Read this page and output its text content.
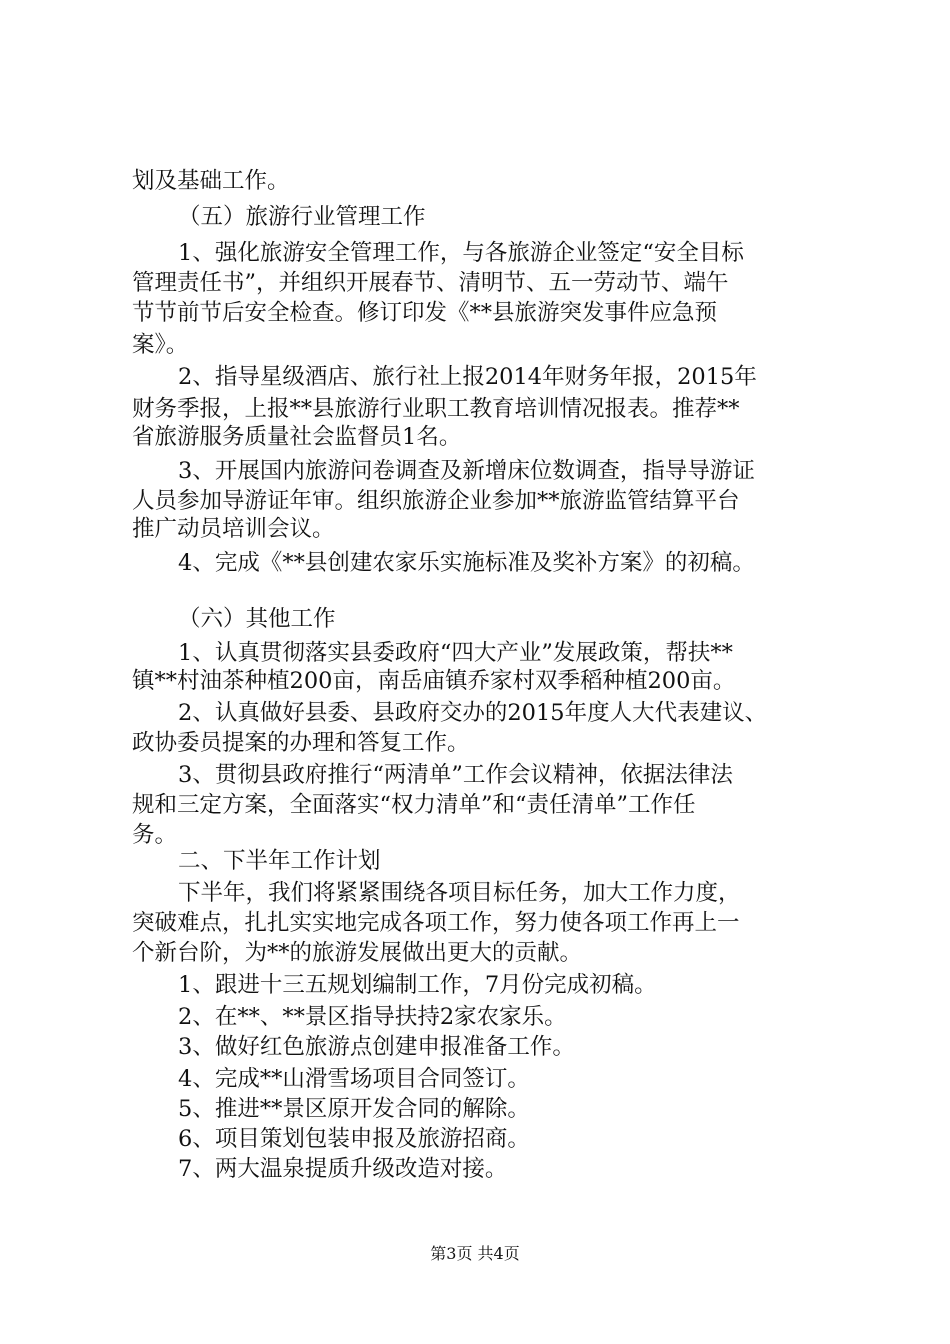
划及基础工作。
（五）旅游行业管理工作
1、强化旅游安全管理工作，与各旅游企业签定“安全目标
管理责任书”，并组织开展春节、清明节、五一劳动节、端午
节节前节后安全检查。修订印发《**县旅游突发事件应急预
案》。
2、指导星级酒店、旅行社上报2014年财务年报，2015年
财务季报，上报**县旅游行业职工教育培训情况报表。推荐**
省旅游服务质量社会监督员1名。
3、开展国内旅游问卷调查及新增床位数调查，指导导游证
人员参加导游证年审。组织旅游企业参加**旅游监管结算平台
推广动员培训会议。
4、完成《**县创建农家乐实施标准及奖补方案》的初稿。
（六）其他工作
1、认真贯彻落实县委政府“四大产业”发展政策，帮扶**
镇**村油茶种植200亩，南岳庙镇乔家村双季稻种植200亩。
2、认真做好县委、县政府交办的2015年度人大代表建议、
政协委员提案的办理和答复工作。
3、贯彻县政府推行“两清单”工作会议精神，依据法律法
规和三定方案，全面落实“权力清单”和“责任清单”工作任
务。
二、下半年工作计划
下半年，我们将紧紧围绕各项目标任务，加大工作力度，
突破难点，扎扎实实地完成各项工作，努力使各项工作再上一
个新台阶，为**的旅游发展做出更大的贡献。
1、跟进十三五规划编制工作，7月份完成初稿。
2、在**、**景区指导扶持2家农家乐。
3、做好红色旅游点创建申报准备工作。
4、完成**山滑雪场项目合同签订。
5、推进**景区原开发合同的解除。
6、项目策划包装申报及旅游招商。
7、两大温泉提质升级改造对接。
第3页 共4页
